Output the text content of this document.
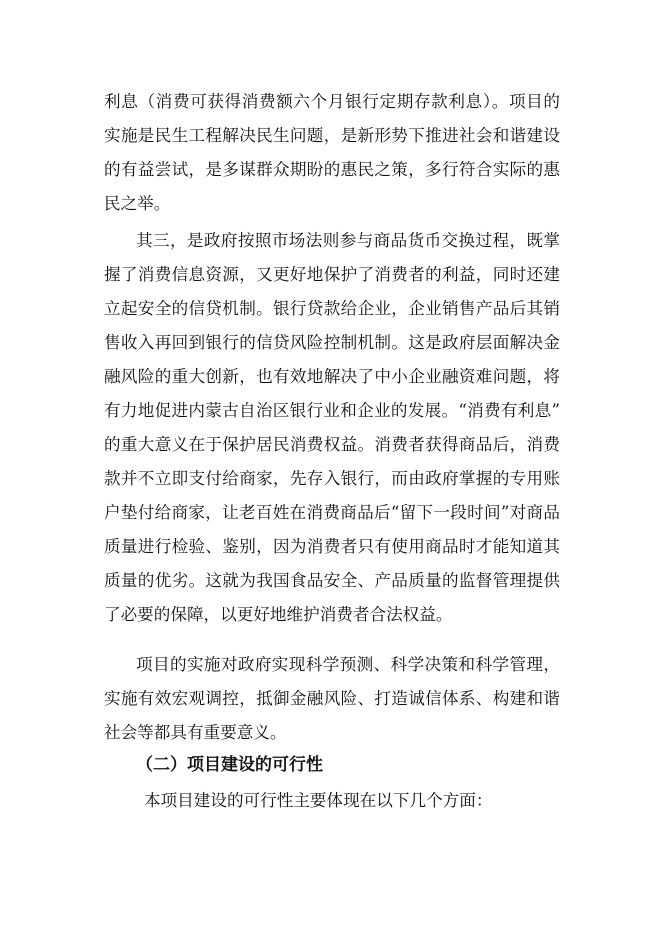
利息（消费可获得消费额六个月银行定期存款利息）。项目的
实施是民生工程解决民生问题，是新形势下推进社会和谐建设
的有益尝试，是多谋群众期盼的惠民之策，多行符合实际的惠
民之举。
其三，是政府按照市场法则参与商品货币交换过程，既掌
握了消费信息资源，又更好地保护了消费者的利益，同时还建
立起安全的信贷机制。银行贷款给企业，企业销售产品后其销
售收入再回到银行的信贷风险控制机制。这是政府层面解决金
融风险的重大创新，也有效地解决了中小企业融资难问题，将
有力地促进内蒙古自治区银行业和企业的发展。“消费有利息”
的重大意义在于保护居民消费权益。消费者获得商品后，消费
款并不立即支付给商家，先存入银行，而由政府掌握的专用账
户垫付给商家，让老百姓在消费商品后“留下一段时间”对商品
质量进行检验、鉴别，因为消费者只有使用商品时才能知道其
质量的优劣。这就为我国食品安全、产品质量的监督管理提供
了必要的保障，以更好地维护消费者合法权益。
项目的实施对政府实现科学预测、科学决策和科学管理，
实施有效宏观调控，抵御金融风险、打造诚信体系、构建和谐
社会等都具有重要意义。
（二）项目建设的可行性
本项目建设的可行性主要体现在以下几个方面：
